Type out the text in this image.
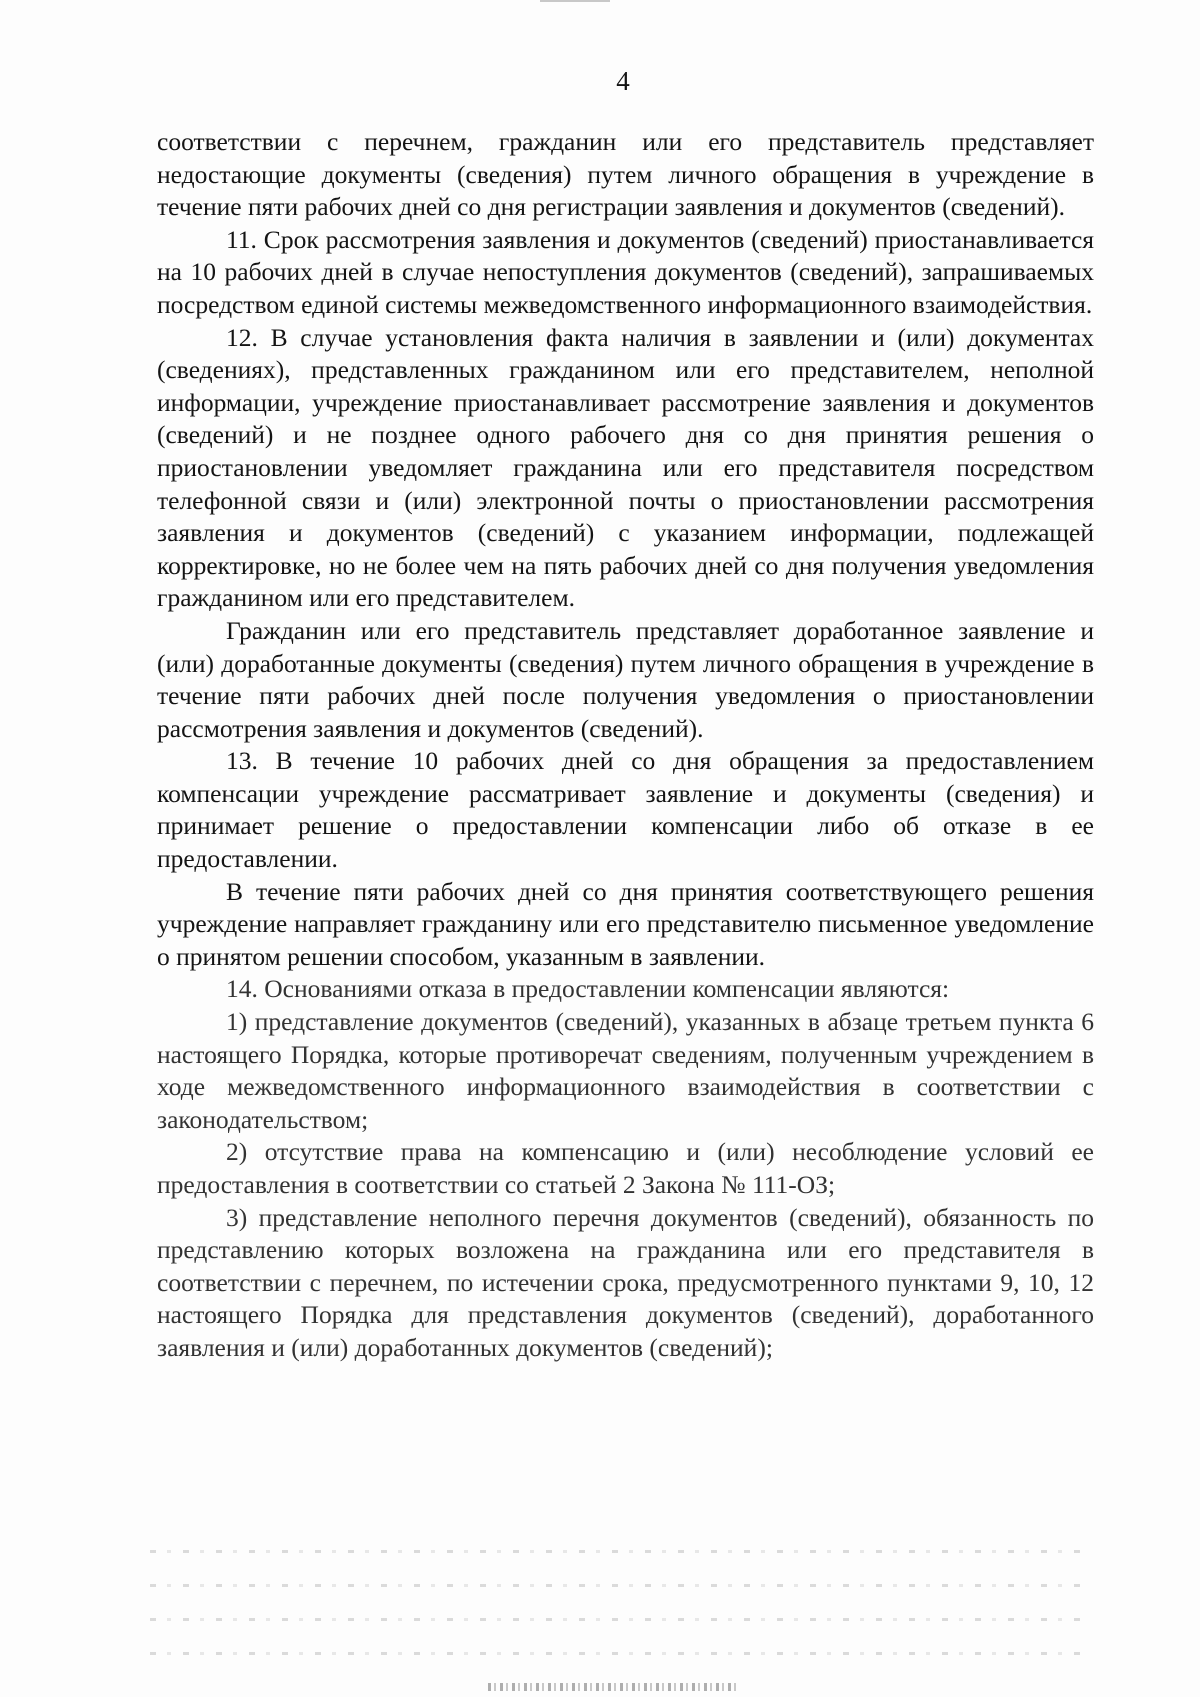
4

соответствии с перечнем, гражданин или его представитель представляет недостающие документы (сведения) путем личного обращения в учреждение в течение пяти рабочих дней со дня регистрации заявления и документов (сведений).

11. Срок рассмотрения заявления и документов (сведений) приостанавливается на 10 рабочих дней в случае непоступления документов (сведений), запрашиваемых посредством единой системы межведомственного информационного взаимодействия.

12. В случае установления факта наличия в заявлении и (или) документах (сведениях), представленных гражданином или его представителем, неполной информации, учреждение приостанавливает рассмотрение заявления и документов (сведений) и не позднее одного рабочего дня со дня принятия решения о приостановлении уведомляет гражданина или его представителя посредством телефонной связи и (или) электронной почты о приостановлении рассмотрения заявления и документов (сведений) с указанием информации, подлежащей корректировке, но не более чем на пять рабочих дней со дня получения уведомления гражданином или его представителем.

Гражданин или его представитель представляет доработанное заявление и (или) доработанные документы (сведения) путем личного обращения в учреждение в течение пяти рабочих дней после получения уведомления о приостановлении рассмотрения заявления и документов (сведений).

13. В течение 10 рабочих дней со дня обращения за предоставлением компенсации учреждение рассматривает заявление и документы (сведения) и принимает решение о предоставлении компенсации либо об отказе в ее предоставлении.

В течение пяти рабочих дней со дня принятия соответствующего решения учреждение направляет гражданину или его представителю письменное уведомление о принятом решении способом, указанным в заявлении.

14. Основаниями отказа в предоставлении компенсации являются:

1) представление документов (сведений), указанных в абзаце третьем пункта 6 настоящего Порядка, которые противоречат сведениям, полученным учреждением в ходе межведомственного информационного взаимодействия в соответствии с законодательством;

2) отсутствие права на компенсацию и (или) несоблюдение условий ее предоставления в соответствии со статьей 2 Закона № 111-ОЗ;

3) представление неполного перечня документов (сведений), обязанность по представлению которых возложена на гражданина или его представителя в соответствии с перечнем, по истечении срока, предусмотренного пунктами 9, 10, 12 настоящего Порядка для представления документов (сведений), доработанного заявления и (или) доработанных документов (сведений);
